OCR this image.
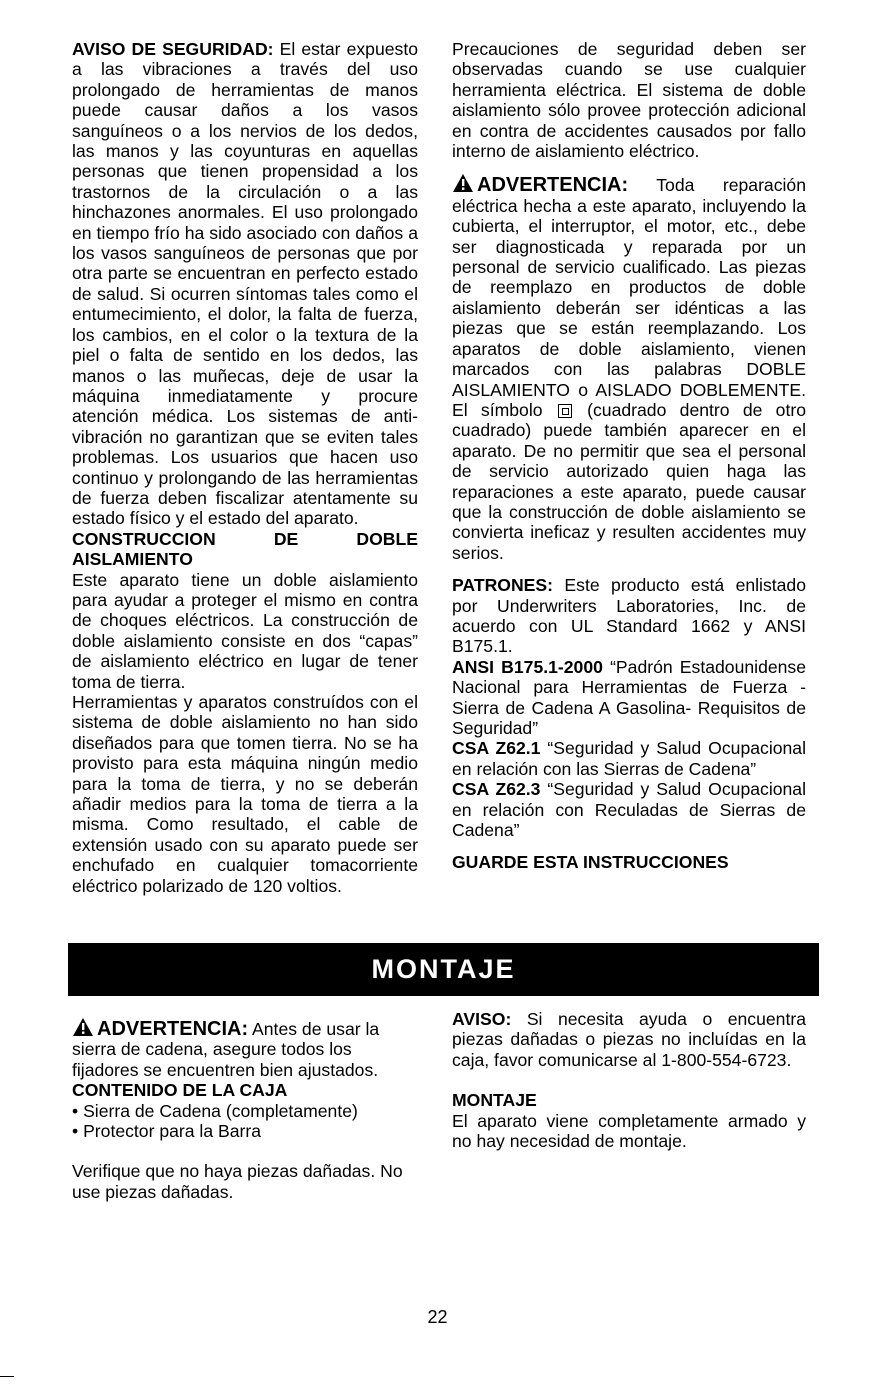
AVISO DE SEGURIDAD: El estar expuesto a las vibraciones a través del uso prolongado de herramientas de manos puede causar daños a los vasos sanguíneos o a los nervios de los dedos, las manos y las coyunturas en aquellas personas que tienen propensidad a los trastornos de la circulación o a las hinchazones anormales. El uso prolongado en tiempo frío ha sido asociado con daños a los vasos sanguíneos de personas que por otra parte se encuentran en perfecto estado de salud. Si ocurren síntomas tales como el entumecimiento, el dolor, la falta de fuerza, los cambios, en el color o la textura de la piel o falta de sentido en los dedos, las manos o las muñecas, deje de usar la máquina inmediatamente y procure atención médica. Los sistemas de anti-vibración no garantizan que se eviten tales problemas. Los usuarios que hacen uso continuo y prolongando de las herramientas de fuerza deben fiscalizar atentamente su estado físico y el estado del aparato.

CONSTRUCCION DE DOBLE AISLAMIENTO

Este aparato tiene un doble aislamiento para ayudar a proteger el mismo en contra de choques eléctricos. La construcción de doble aislamiento consiste en dos “capas” de aislamiento eléctrico en lugar de tener toma de tierra.

Herramientas y aparatos construídos con el sistema de doble aislamiento no han sido diseñados para que tomen tierra. No se ha provisto para esta máquina ningún medio para la toma de tierra, y no se deberán añadir medios para la toma de tierra a la misma. Como resultado, el cable de extensión usado con su aparato puede ser enchufado en cualquier tomacorriente eléctrico polarizado de 120 voltios.

Precauciones de seguridad deben ser observadas cuando se use cualquier herramienta eléctrica. El sistema de doble aislamiento sólo provee protección adicional en contra de accidentes causados por fallo interno de aislamiento eléctrico.

ADVERTENCIA: Toda reparación eléctrica hecha a este aparato, incluyendo la cubierta, el interruptor, el motor, etc., debe ser diagnosticada y reparada por un personal de servicio cualificado. Las piezas de reemplazo en productos de doble aislamiento deberán ser idénticas a las piezas que se están reemplazando. Los aparatos de doble aislamiento, vienen marcados con las palabras DOBLE AISLAMIENTO o AISLADO DOBLEMENTE. El símbolo	(cuadrado dentro de otro cuadrado) puede también aparecer en el aparato. De no permitir que sea el personal de servicio autorizado quien haga las reparaciones a este aparato, puede causar que la construcción de doble aislamiento se convierta ineficaz y resulten accidentes muy serios.

PATRONES: Este producto está enlistado por Underwriters Laboratories, Inc. de acuerdo con UL Standard 1662 y ANSI B175.1.

ANSI B175.1-2000 “Padrón Estadounidense Nacional para Herramientas de Fuerza -Sierra de Cadena A Gasolina- Requisitos de Seguridad”

CSA Z62.1 “Seguridad y Salud Ocupacional en relación con las Sierras de Cadena”

CSA Z62.3 “Seguridad y Salud Ocupacional en relación con Reculadas de Sierras de Cadena”

GUARDE ESTA INSTRUCCIONES

MONTAJE

ADVERTENCIA: Antes de usar la sierra de cadena, asegure todos los fijadores se encuentren bien ajustados.

CONTENIDO DE LA CAJA

• Sierra de Cadena (completamente)
• Protector para la Barra

Verifique que no haya piezas dañadas. No use piezas dañadas.

AVISO: Si necesita ayuda o encuentra piezas dañadas o piezas no incluídas en la caja, favor comunicarse al 1-800-554-6723.

MONTAJE

El aparato viene completamente armado y no hay necesidad de montaje.

22
